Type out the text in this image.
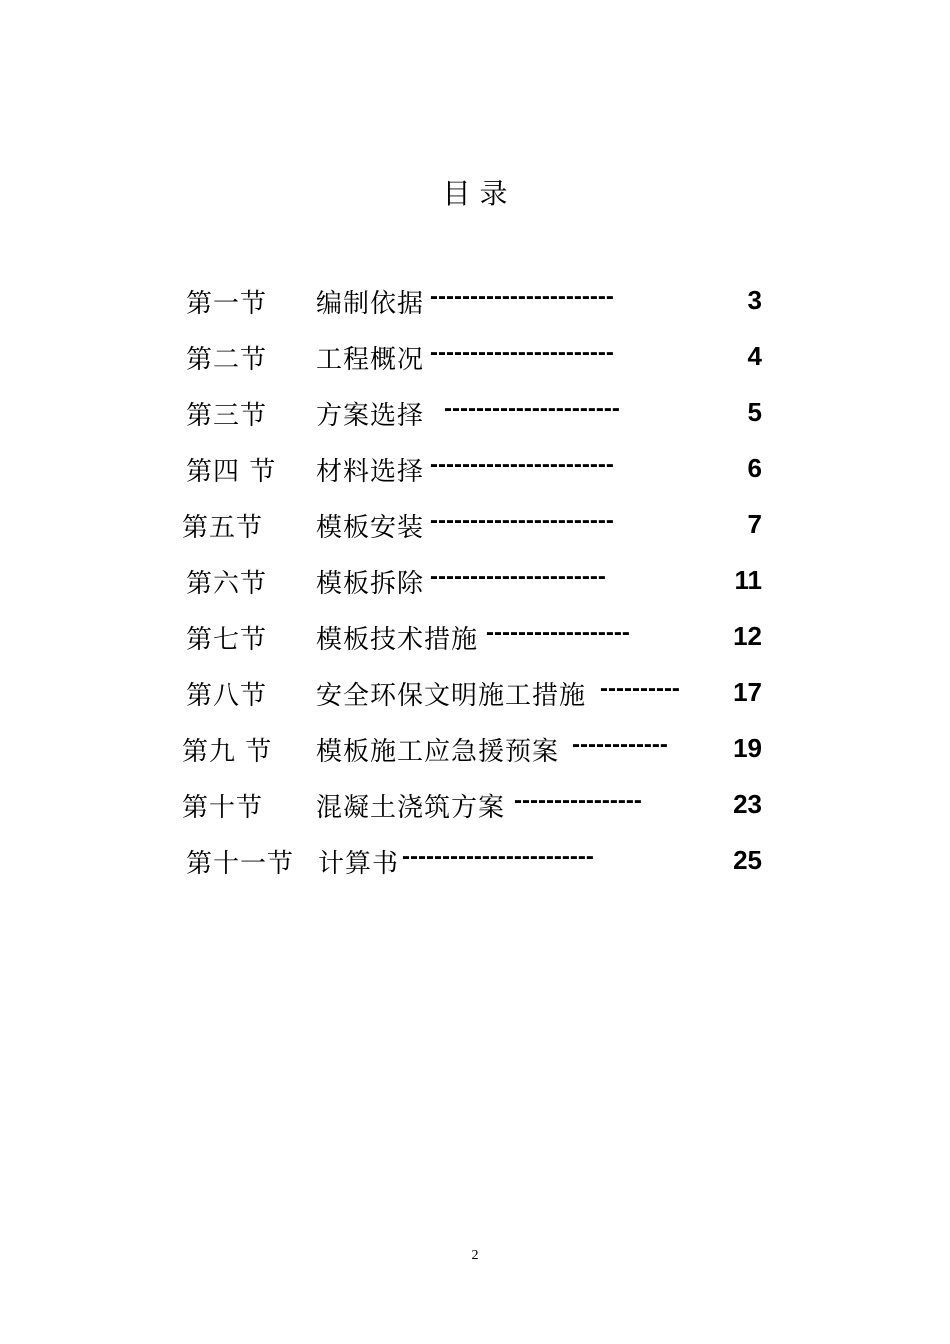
目 录
第一节 编制依据 -----------------------	3
第二节 工程概况 -----------------------	4
第三节 方案选择 ----------------------	5
第四 节 材料选择 -----------------------	6
第五节 模板安装 -----------------------	7
第六节 模板拆除 ----------------------	11
第七节 模板技术措施 ------------------	12
第八节 安全环保文明施工措施 ----------	17
第九 节 模板施工应急援预案 ------------	19
第十节 混凝土浇筑方案 ----------------	23
第十一节 计算书 ------------------------	25
2
